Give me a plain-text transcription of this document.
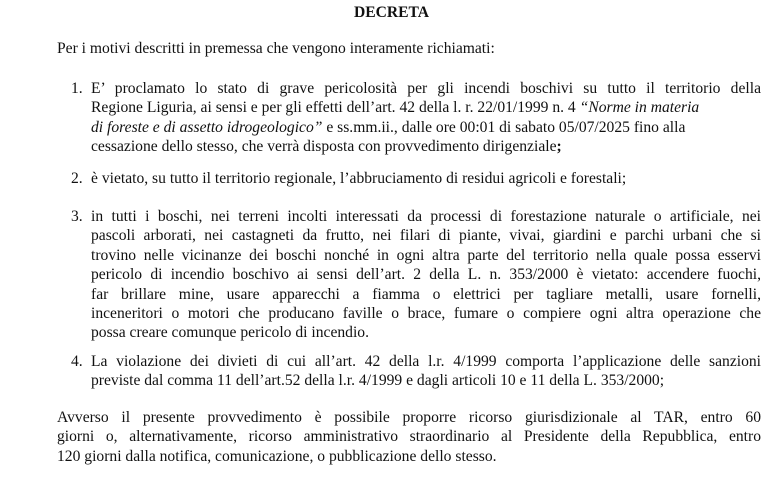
DECRETA
Per i motivi descritti in premessa che vengono interamente richiamati:
1. E’ proclamato lo stato di grave pericolosità per gli incendi boschivi su tutto il territorio della
Regione Liguria, ai sensi e per gli effetti dell’art. 42 della l. r. 22/01/1999 n. 4 “Norme in materia
di foreste e di assetto idrogeologico” e ss.mm.ii., dalle ore 00:01 di sabato 05/07/2025 fino alla
cessazione dello stesso, che verrà disposta con provvedimento dirigenziale;
2. è vietato, su tutto il territorio regionale, l’abbruciamento di residui agricoli e forestali;
3. in tutti i boschi, nei terreni incolti interessati da processi di forestazione naturale o artificiale, nei
pascoli arborati, nei castagneti da frutto, nei filari di piante, vivai, giardini e parchi urbani che si
trovino nelle vicinanze dei boschi nonché in ogni altra parte del territorio nella quale possa esservi
pericolo di incendio boschivo ai sensi dell’art. 2 della L. n. 353/2000 è vietato: accendere fuochi,
far brillare mine, usare apparecchi a fiamma o elettrici per tagliare metalli, usare fornelli,
inceneritori o motori che producano faville o brace, fumare o compiere ogni altra operazione che
possa creare comunque pericolo di incendio.
4. La violazione dei divieti di cui all’art. 42 della l.r. 4/1999 comporta l’applicazione delle sanzioni
previste dal comma 11 dell’art.52 della l.r. 4/1999 e dagli articoli 10 e 11 della L. 353/2000;
Avverso il presente provvedimento è possibile proporre ricorso giurisdizionale al TAR, entro 60
giorni o, alternativamente, ricorso amministrativo straordinario al Presidente della Repubblica, entro
120 giorni dalla notifica, comunicazione, o pubblicazione dello stesso.
